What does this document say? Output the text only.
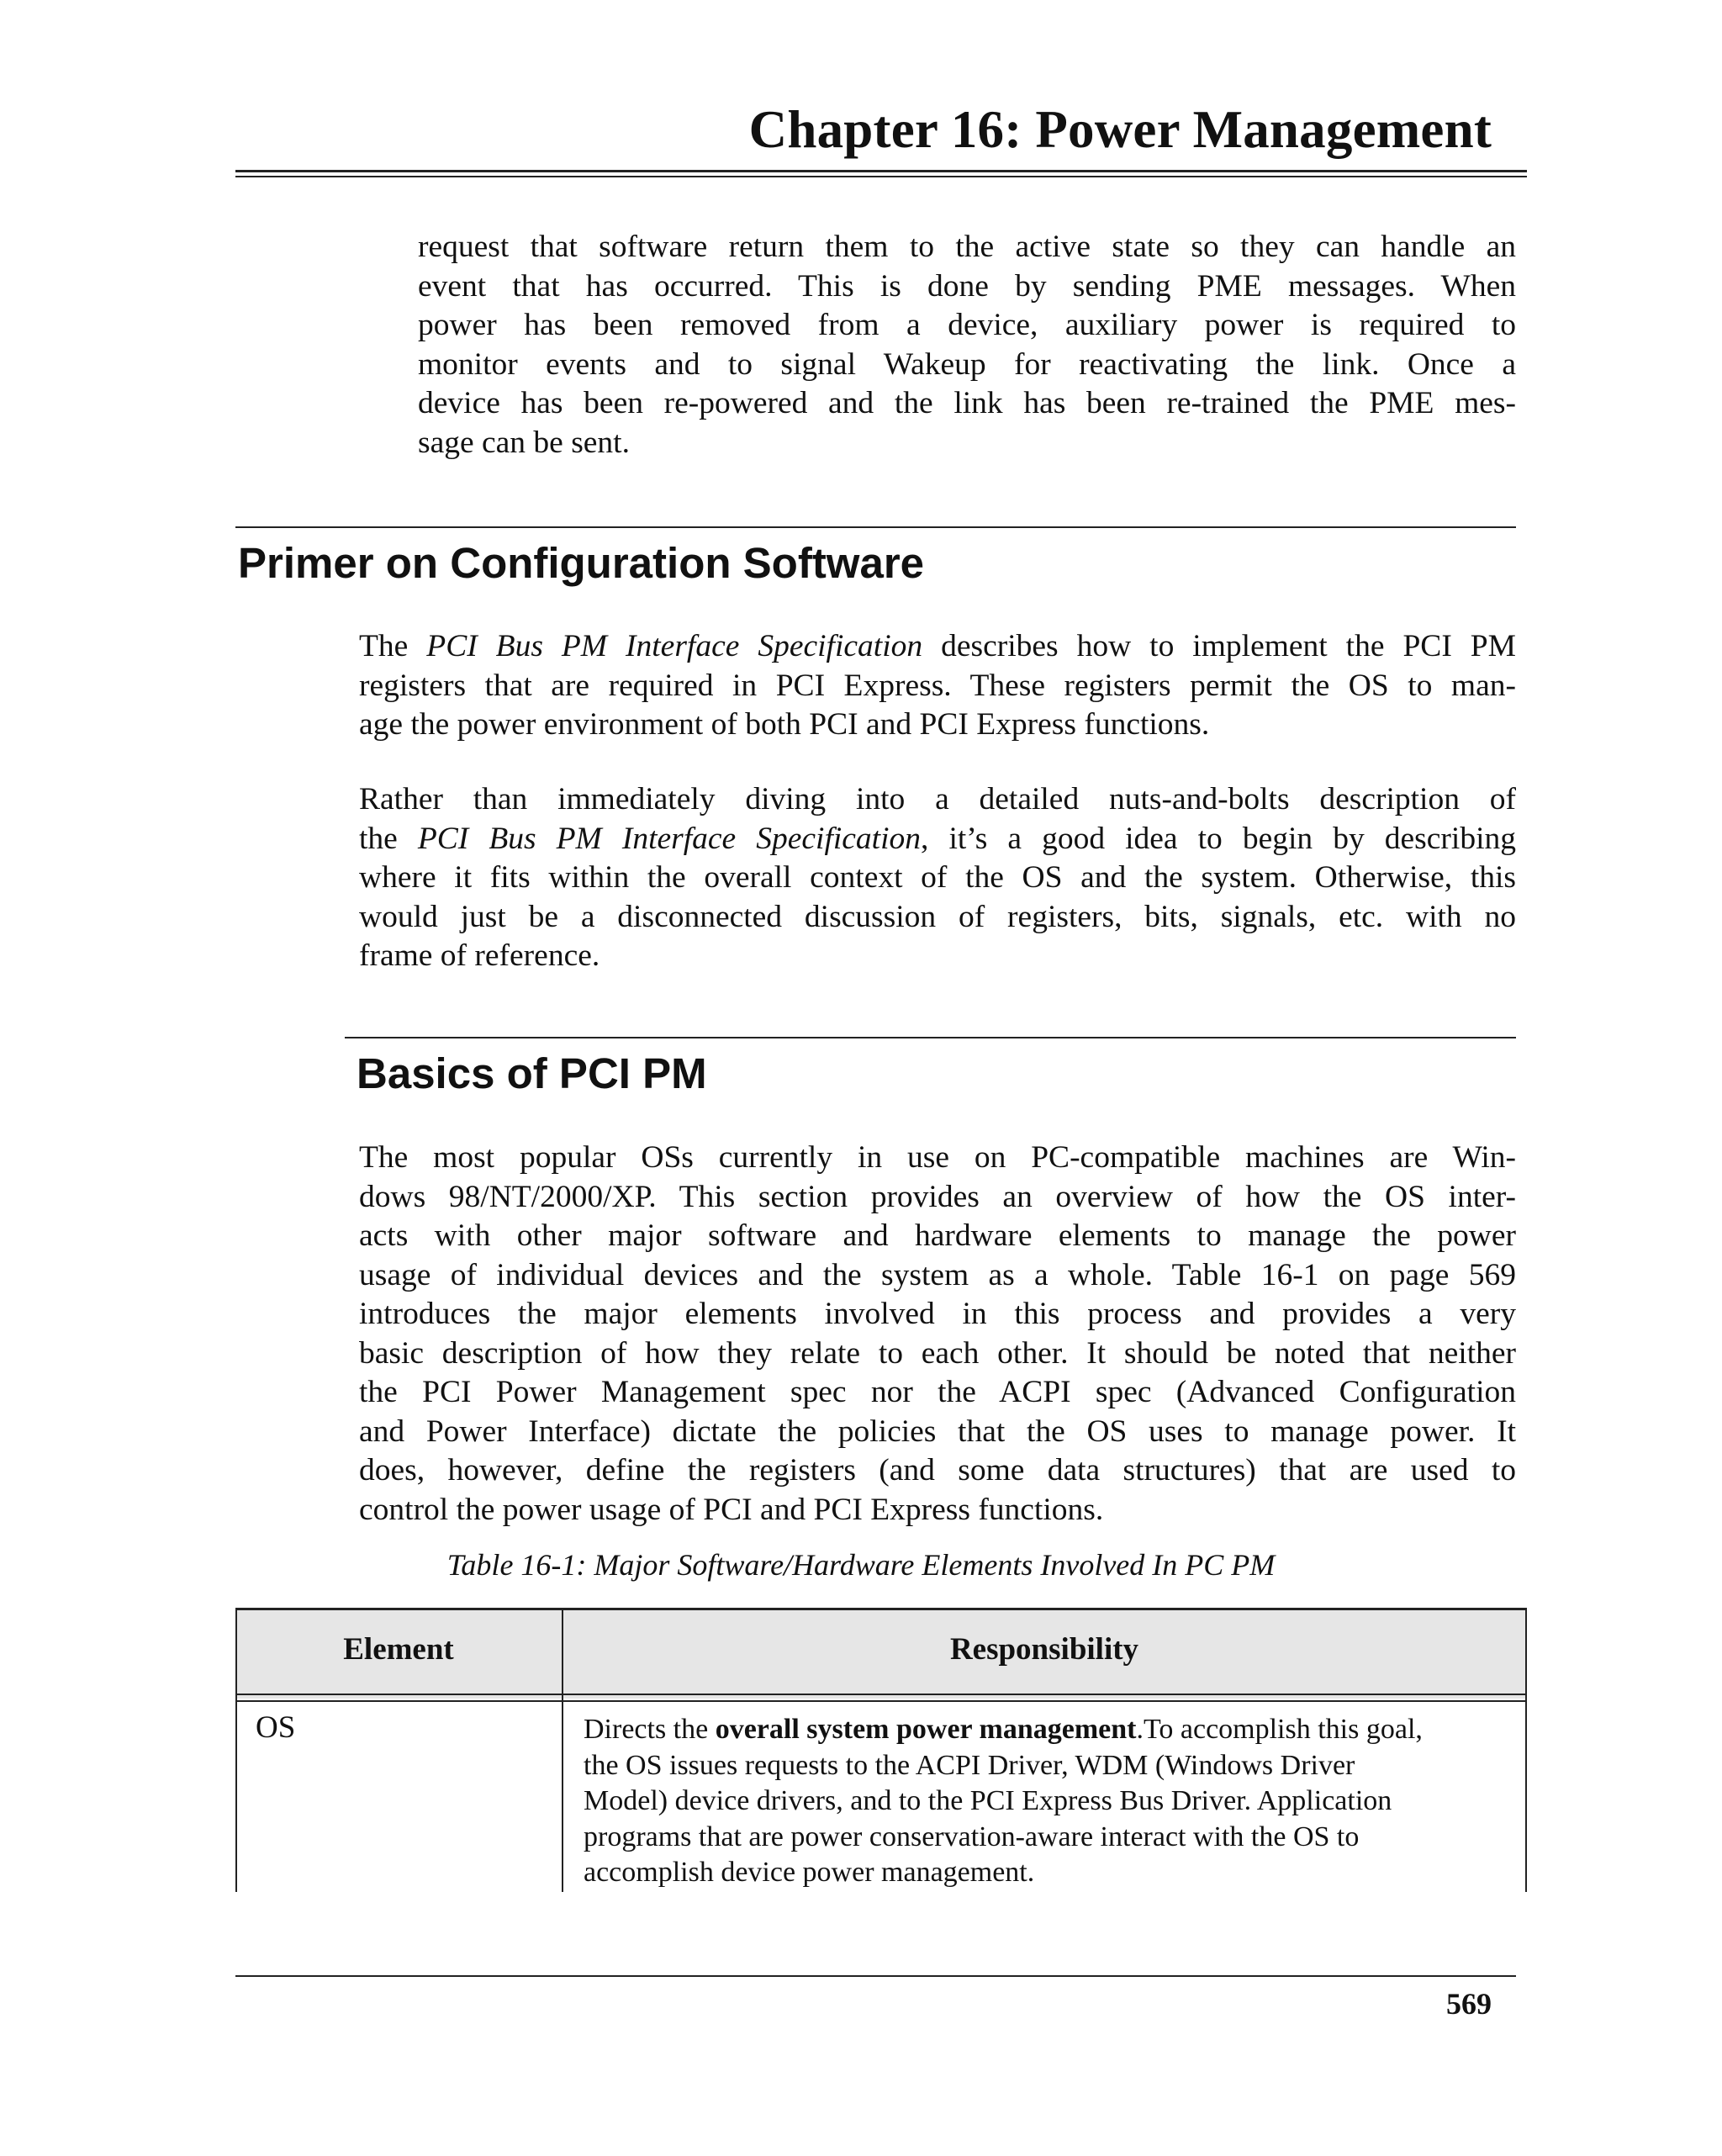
Chapter 16: Power Management

request that software return them to the active state so they can handle an

event that has occurred. This is done by sending PME messages. When

power has been removed from a device, auxiliary power is required to

monitor events and to signal Wakeup for reactivating the link. Once a

device has been re-powered and the link has been re-trained the PME mes-

sage can be sent.

Primer on Configuration Software

The PCI Bus PM Interface Specification describes how to implement the PCI PM

registers that are required in PCI Express. These registers permit the OS to man-

age the power environment of both PCI and PCI Express functions.

Rather than immediately diving into a detailed nuts-and-bolts description of

the PCI Bus PM Interface Specification, it’s a good idea to begin by describing

where it fits within the overall context of the OS and the system. Otherwise, this

would just be a disconnected discussion of registers, bits, signals, etc. with no

frame of reference.

Basics of PCI PM

The most popular OSs currently in use on PC-compatible machines are Win-

dows 98/NT/2000/XP. This section provides an overview of how the OS inter-

acts with other major software and hardware elements to manage the power

usage of individual devices and the system as a whole. Table 16-1 on page 569

introduces the major elements involved in this process and provides a very

basic description of how they relate to each other. It should be noted that neither

the PCI Power Management spec nor the ACPI spec (Advanced Configuration

and Power Interface) dictate the policies that the OS uses to manage power. It

does, however, define the registers (and some data structures) that are used to

control the power usage of PCI and PCI Express functions.

Table 16-1: Major Software/Hardware Elements Involved In PC PM
Element	Responsibility
OS	Directs the overall system power management.To accomplish this goal,
the OS issues requests to the ACPI Driver, WDM (Windows Driver
Model) device drivers, and to the PCI Express Bus Driver. Application
programs that are power conservation-aware interact with the OS to
accomplish device power management.
569
